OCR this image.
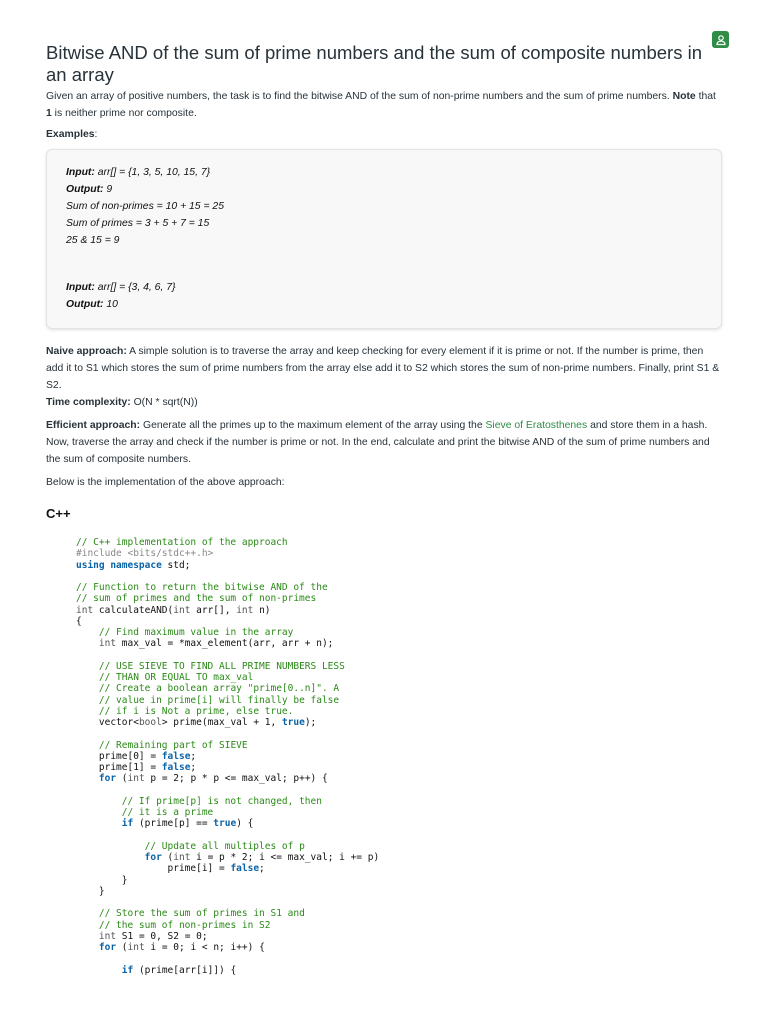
Bitwise AND of the sum of prime numbers and the sum of composite numbers in an array

Given an array of positive numbers, the task is to find the bitwise AND of the sum of non-prime numbers and the sum of prime numbers. Note that 1 is neither prime nor composite.

Examples:

Input: arr[] = {1, 3, 5, 10, 15, 7}
Output: 9
Sum of non-primes = 10 + 15 = 25
Sum of primes = 3 + 5 + 7 = 15
25 & 15 = 9
Input: arr[] = {3, 4, 6, 7}
Output: 10

Naive approach: A simple solution is to traverse the array and keep checking for every element if it is prime or not. If the number is prime, then add it to S1 which stores the sum of prime numbers from the array else add it to S2 which stores the sum of non-prime numbers. Finally, print S1 & S2.

Time complexity: O(N * sqrt(N))

Efficient approach: Generate all the primes up to the maximum element of the array using the Sieve of Eratosthenes and store them in a hash. Now, traverse the array and check if the number is prime or not. In the end, calculate and print the bitwise AND of the sum of prime numbers and the sum of composite numbers.

Below is the implementation of the above approach:

C++
// C++ implementation of the approach
#include <bits/stdc++.h>
using namespace std;

// Function to return the bitwise AND of the
// sum of primes and the sum of non-primes
int calculateAND(int arr[], int n)
{
// Find maximum value in the array
int max_val = *max_element(arr, arr + n);

// USE SIEVE TO FIND ALL PRIME NUMBERS LESS
// THAN OR EQUAL TO max_val
// Create a boolean array "prime[0..n]". A
// value in prime[i] will finally be false
// if i is Not a prime, else true.
vector<bool> prime(max_val + 1, true);

// Remaining part of SIEVE
prime[0] = false;
prime[1] = false;
for (int p = 2; p * p <= max_val; p++) {

// If prime[p] is not changed, then
// it is a prime
if (prime[p] == true) {

// Update all multiples of p
for (int i = p * 2; i <= max_val; i += p)
prime[i] = false;
}
}

// Store the sum of primes in S1 and
// the sum of non-primes in S2
int S1 = 0, S2 = 0;
for (int i = 0; i < n; i++) {

if (prime[arr[i]]) {
